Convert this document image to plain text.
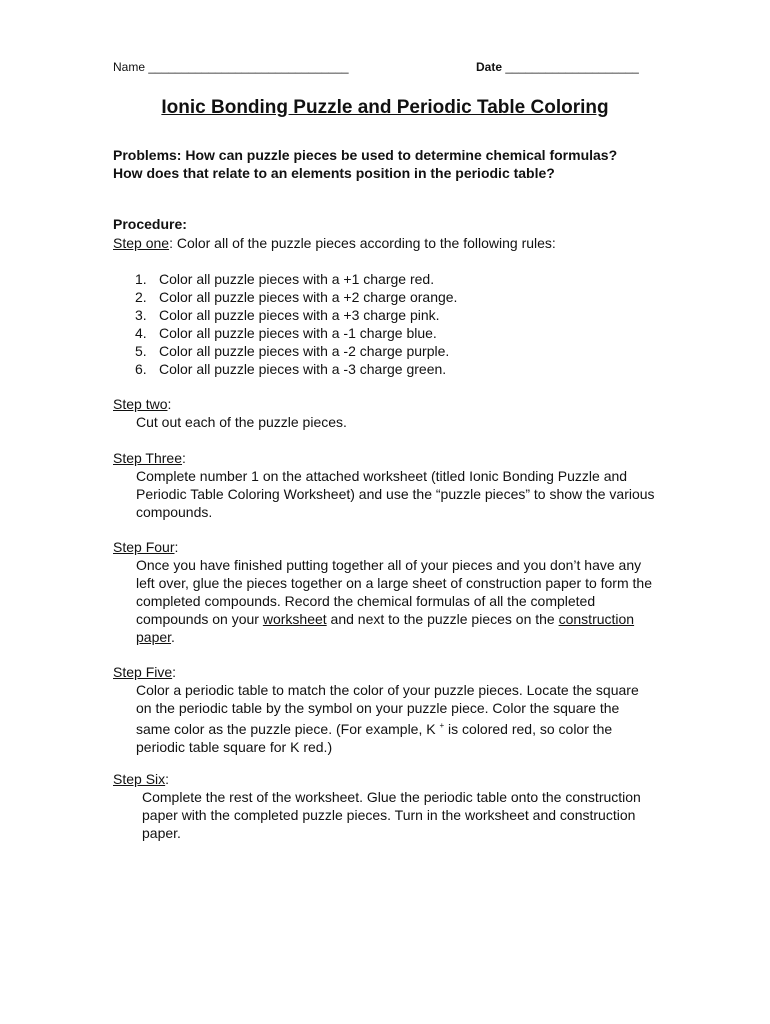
Name ______________________________	Date ____________________
Ionic Bonding Puzzle and Periodic Table Coloring

Problems: How can puzzle pieces be used to determine chemical formulas? How does that relate to an elements position in the periodic table?

Procedure:

Step one: Color all of the puzzle pieces according to the following rules:

1. Color all puzzle pieces with a +1 charge red.
2. Color all puzzle pieces with a +2 charge orange.
3. Color all puzzle pieces with a +3 charge pink.
4. Color all puzzle pieces with a -1 charge blue.
5. Color all puzzle pieces with a -2 charge purple.
6. Color all puzzle pieces with a -3 charge green.

Step two:

Cut out each of the puzzle pieces.

Step Three:

Complete number 1 on the attached worksheet (titled Ionic Bonding Puzzle and Periodic Table Coloring Worksheet) and use the “puzzle pieces” to show the various compounds.

Step Four:

Once you have finished putting together all of your pieces and you don’t have any left over, glue the pieces together on a large sheet of construction paper to form the completed compounds. Record the chemical formulas of all the completed compounds on your worksheet and next to the puzzle pieces on the construction paper.

Step Five:

Color a periodic table to match the color of your puzzle pieces. Locate the square on the periodic table by the symbol on your puzzle piece. Color the square the same color as the puzzle piece. (For example, K + is colored red, so color the periodic table square for K red.)

Step Six:

Complete the rest of the worksheet. Glue the periodic table onto the construction paper with the completed puzzle pieces. Turn in the worksheet and construction paper.
